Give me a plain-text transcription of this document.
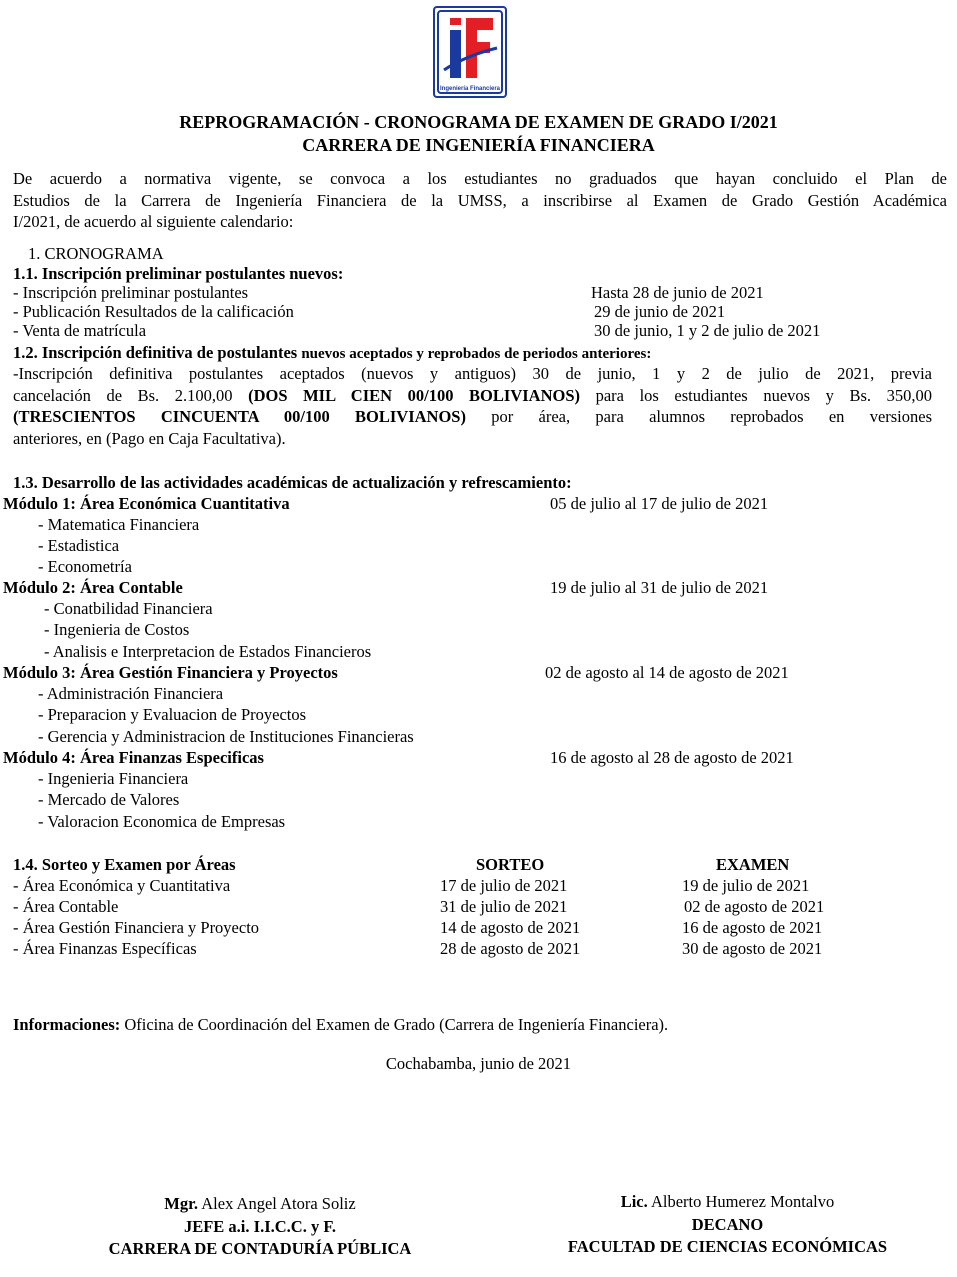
Ingeniería Financiera
REPROGRAMACIÓN - CRONOGRAMA DE EXAMEN DE GRADO I/2021
CARRERA DE INGENIERÍA FINANCIERA
De acuerdo a normativa vigente, se convoca a los estudiantes no graduados que hayan concluido el Plan de
Estudios de la Carrera de Ingeniería Financiera de la UMSS, a inscribirse al Examen de Grado Gestión Académica
I/2021, de acuerdo al siguiente calendario:
1. CRONOGRAMA
1.1. Inscripción preliminar postulantes nuevos:
- Inscripción preliminar postulantes	Hasta 28 de junio de 2021
- Publicación Resultados de la calificación	29 de junio de 2021
- Venta de matrícula	30 de junio, 1 y 2 de julio de 2021
1.2. Inscripción definitiva de postulantes nuevos aceptados y reprobados de periodos anteriores:
-Inscripción definitiva postulantes aceptados (nuevos y antiguos) 30 de junio, 1 y 2 de julio de 2021, previa
cancelación de Bs. 2.100,00 (DOS MIL CIEN 00/100 BOLIVIANOS) para los estudiantes nuevos y Bs. 350,00
(TRESCIENTOS CINCUENTA 00/100 BOLIVIANOS) por área, para alumnos reprobados en versiones
anteriores, en (Pago en Caja Facultativa).
1.3. Desarrollo de las actividades académicas de actualización y refrescamiento:
Módulo 1: Área Económica Cuantitativa	05 de julio al 17 de julio de 2021
- Matematica Financiera
- Estadistica
- Econometría
Módulo 2: Área Contable	19 de julio al 31 de julio de 2021
- Conatbilidad Financiera
- Ingenieria de Costos
- Analisis e Interpretacion de Estados Financieros
Módulo 3: Área Gestión Financiera y Proyectos	02 de agosto al 14 de agosto de 2021
- Administración Financiera
- Preparacion y Evaluacion de Proyectos
- Gerencia y Administracion de Instituciones Financieras
Módulo 4: Área Finanzas Especificas	16 de agosto al 28 de agosto de 2021
- Ingenieria Financiera
- Mercado de Valores
- Valoracion Economica de Empresas
1.4. Sorteo y Examen por Áreas	SORTEO	EXAMEN
- Área Económica y Cuantitativa	17 de julio de 2021	19 de julio de 2021
- Área Contable	31 de julio de 2021	02 de agosto de 2021
- Área Gestión Financiera y Proyecto	14 de agosto de 2021	16 de agosto de 2021
- Área Finanzas Específicas	28 de agosto de 2021	30 de agosto de 2021
Informaciones: Oficina de Coordinación del Examen de Grado (Carrera de Ingeniería Financiera).
Cochabamba, junio de 2021
Mgr. Alex Angel Atora Soliz
JEFE a.i. I.I.C.C. y F.
CARRERA DE CONTADURÍA PÚBLICA
Lic. Alberto Humerez Montalvo
DECANO
FACULTAD DE CIENCIAS ECONÓMICAS
